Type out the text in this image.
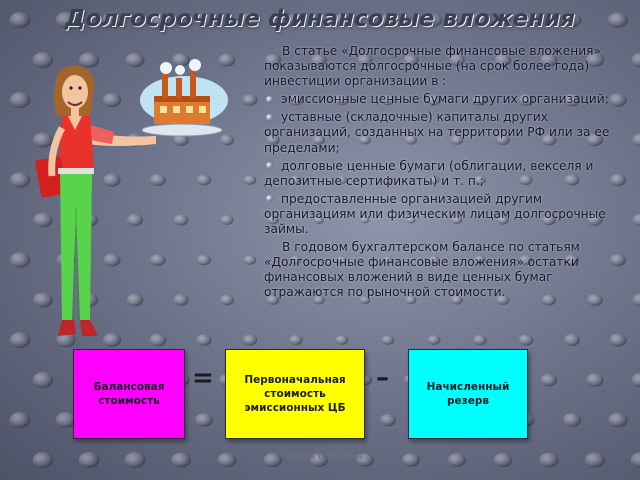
Долгосрочные финансовые вложения

В статье «Долгосрочные финансовые вложения» показываются долгосрочные (на срок более года) инвестиции организации в :

эмиссионные ценные бумаги других организаций;
уставные (складочные) капиталы других организаций, созданных на территории РФ или за ее пределами;
долговые ценные бумаги (облигации, векселя и депозитные сертификаты) и т. п.;
предоставленные организацией другим организациям или физическим лицам долгосрочные займы.

В годовом бухгалтерском балансе по статьям «Долгосрочные финансовые вложения» остатки финансовых вложений в виде ценных бумаг отражаются по рыночной стоимости.

Балансовая стоимость
=	Первоначальная стоимость эмиссионных ЦБ
–	Начисленный резерв
Ольга Олеговна
